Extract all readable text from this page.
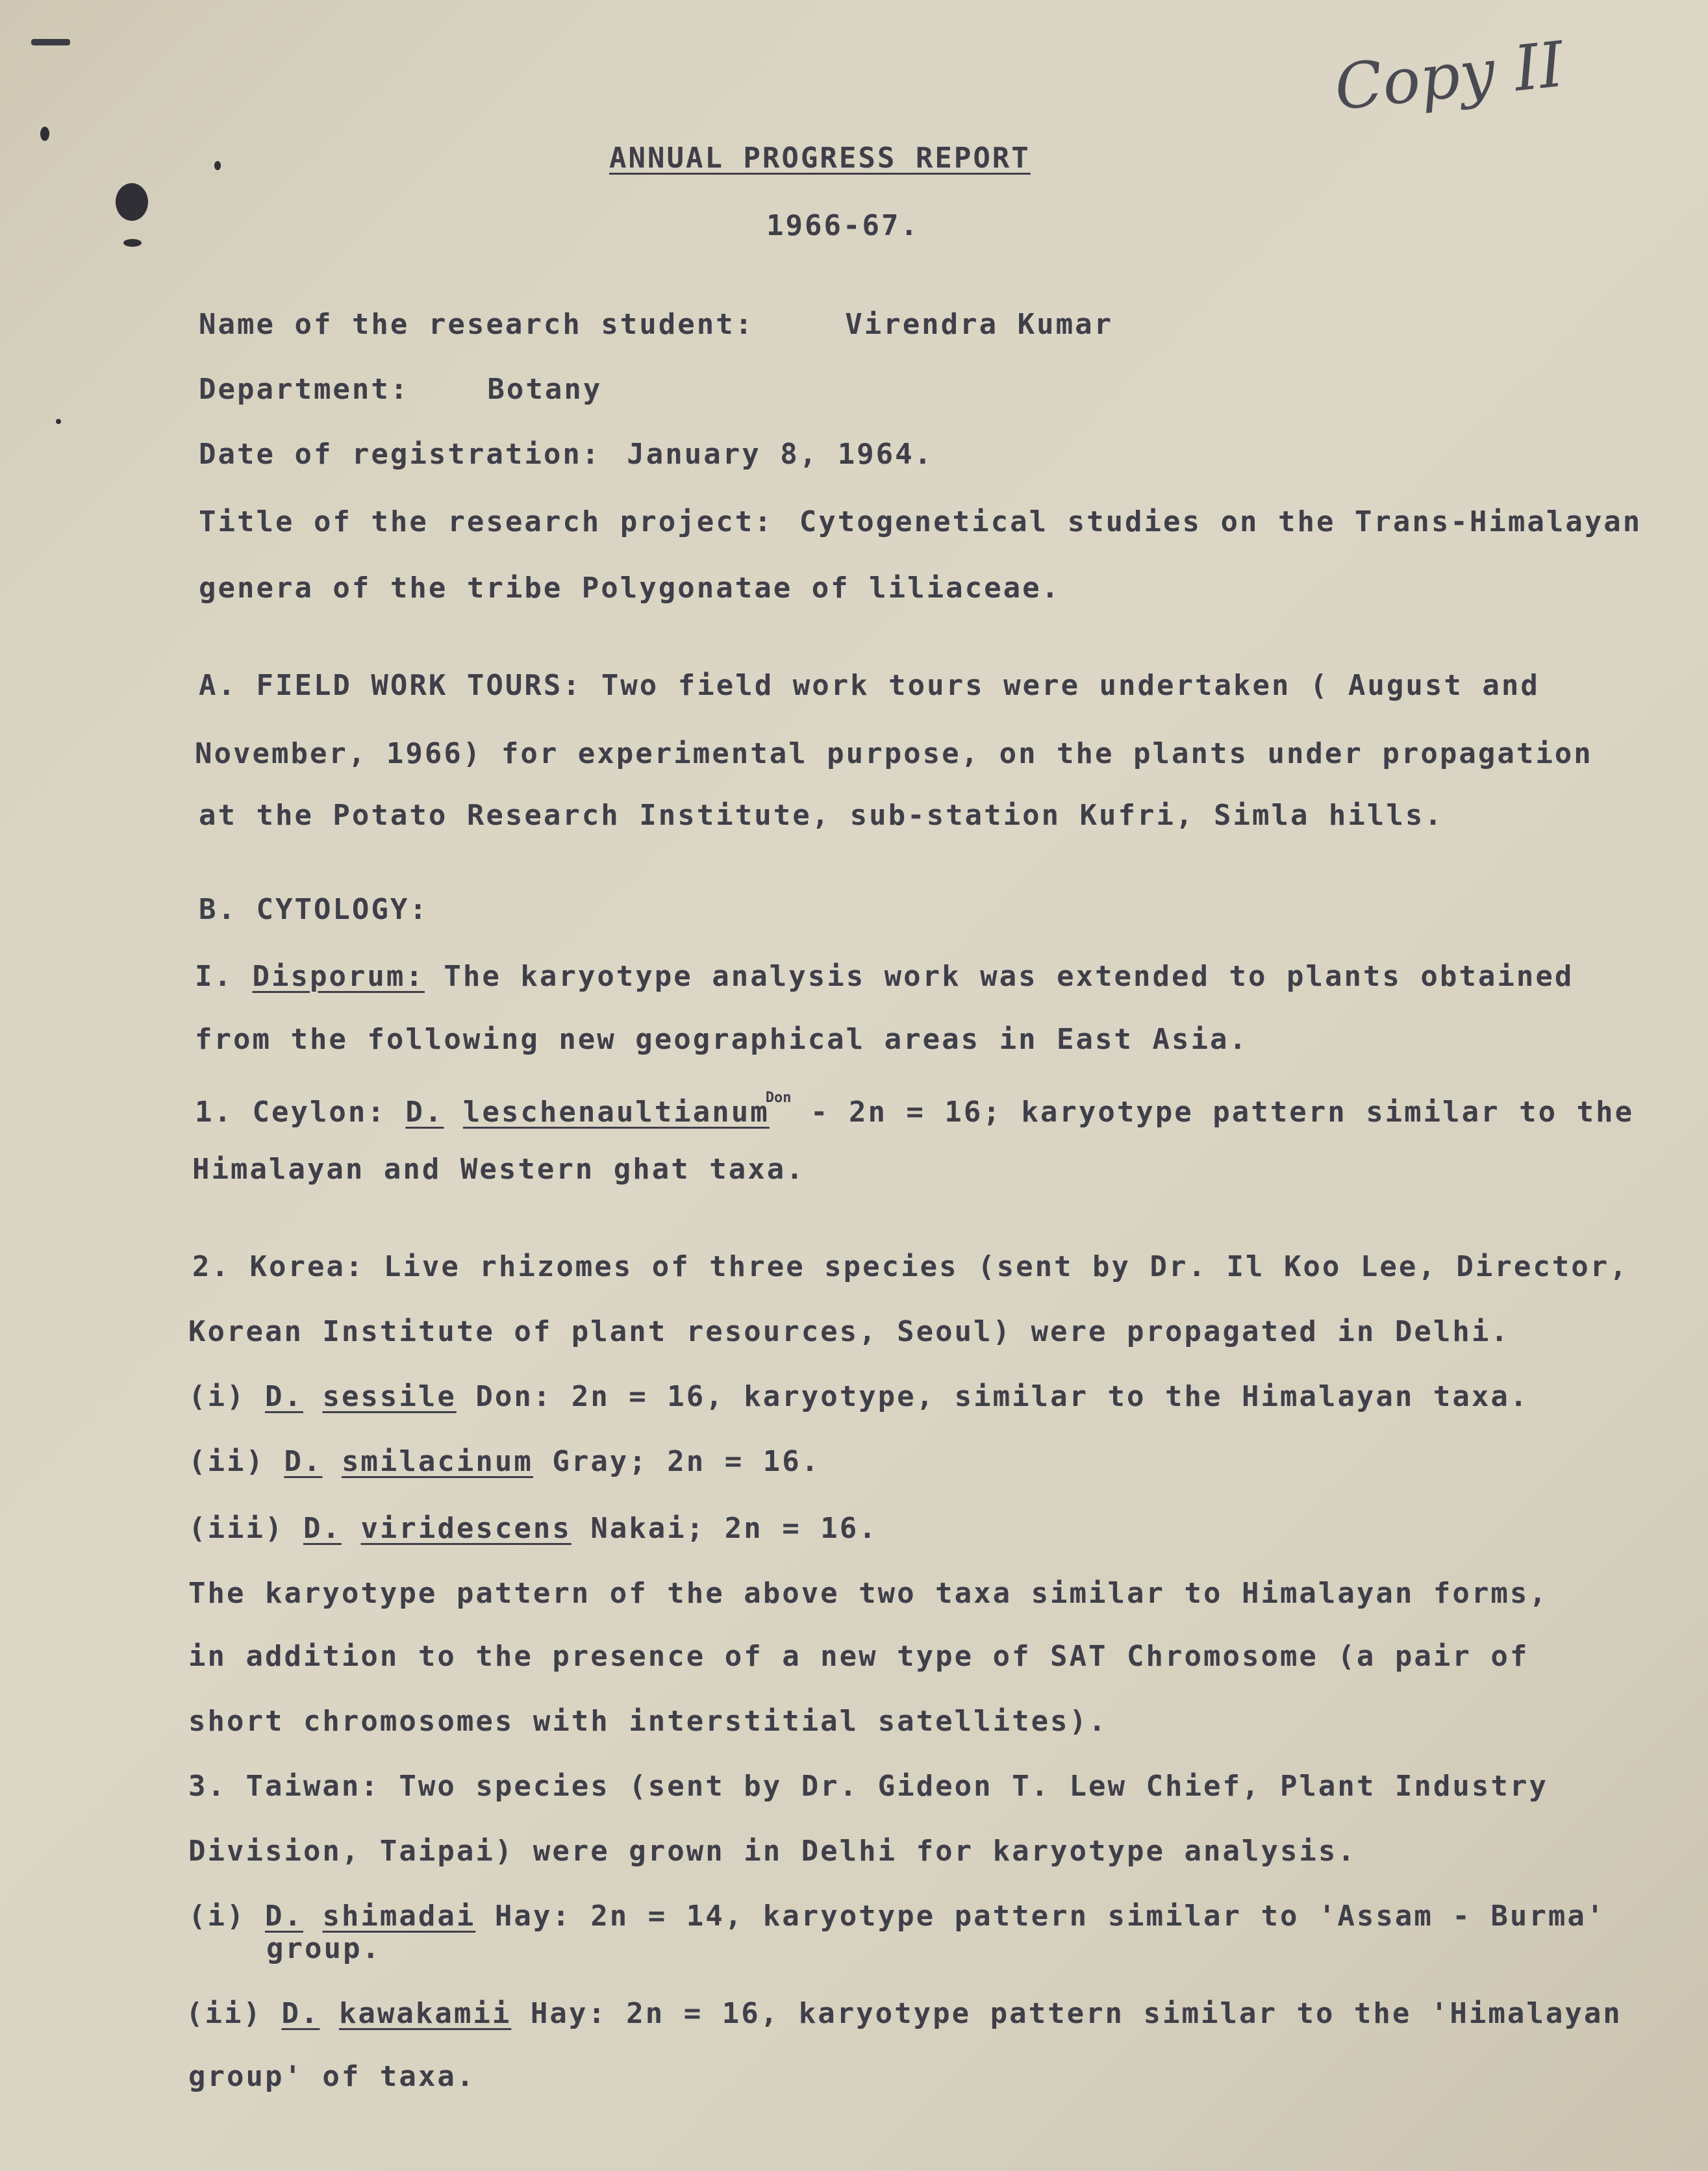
Copy II
ANNUAL PROGRESS REPORT
1966-67.
Name of the research student:	Virendra Kumar
Department:	Botany
Date of registration: January 8, 1964.
Title of the research project: Cytogenetical studies on the Trans-Himalayan
genera of the tribe Polygonatae of liliaceae.
A. FIELD WORK TOURS: Two field work tours were undertaken ( August and
November, 1966) for experimental purpose, on the plants under propagation
at the Potato Research Institute, sub-station Kufri, Simla hills.
B. CYTOLOGY:
I. Disporum: The karyotype analysis work was extended to plants obtained
from the following new geographical areas in East Asia.
1. Ceylon: D. leschenaultianum$^{Don}$ - 2n = 16; karyotype pattern similar to the
Himalayan and Western ghat taxa.
2. Korea: Live rhizomes of three species (sent by Dr. Il Koo Lee, Director,
Korean Institute of plant resources, Seoul) were propagated in Delhi.
(i) D. sessile Don: 2n = 16, karyotype, similar to the Himalayan taxa.
(ii) D. smilacinum Gray; 2n = 16.
(iii) D. viridescens Nakai; 2n = 16.
The karyotype pattern of the above two taxa similar to Himalayan forms,
in addition to the presence of a new type of SAT Chromosome (a pair of
short chromosomes with interstitial satellites).
3. Taiwan: Two species (sent by Dr. Gideon T. Lew Chief, Plant Industry
Division, Taipai) were grown in Delhi for karyotype analysis.
(i) D. shimadai Hay: 2n = 14, karyotype pattern similar to 'Assam - Burma'
group.
(ii) D. kawakamii Hay: 2n = 16, karyotype pattern similar to the 'Himalayan
group' of taxa.
